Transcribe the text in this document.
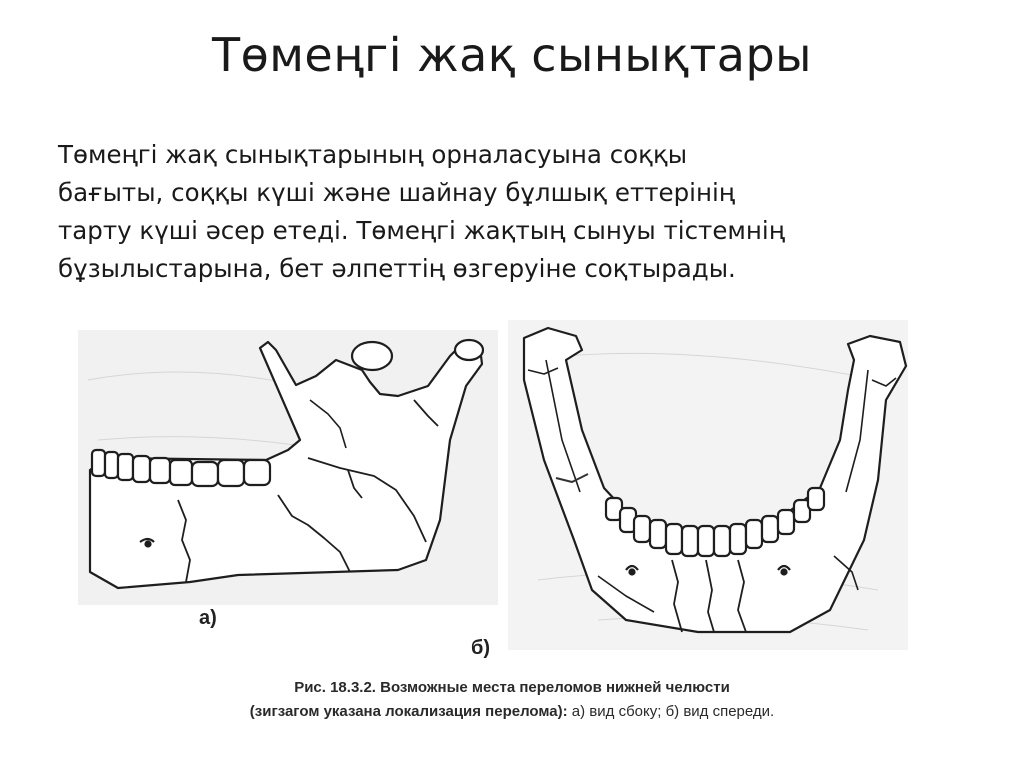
Төмеңгі жақ сынықтары
Төмеңгі жақ сынықтарының орналасуына соққы
бағыты, соққы күші және шайнау бұлшық еттерінің
тарту күші әсер етеді. Төмеңгі жақтың сынуы тістемнің
бұзылыстарына, бет әлпеттің өзгеруіне соқтырады.
а)
б)
Рис. 18.3.2. Возможные места переломов нижней челюсти
(зигзагом указана локализация перелома): а) вид сбоку; б) вид спереди.
